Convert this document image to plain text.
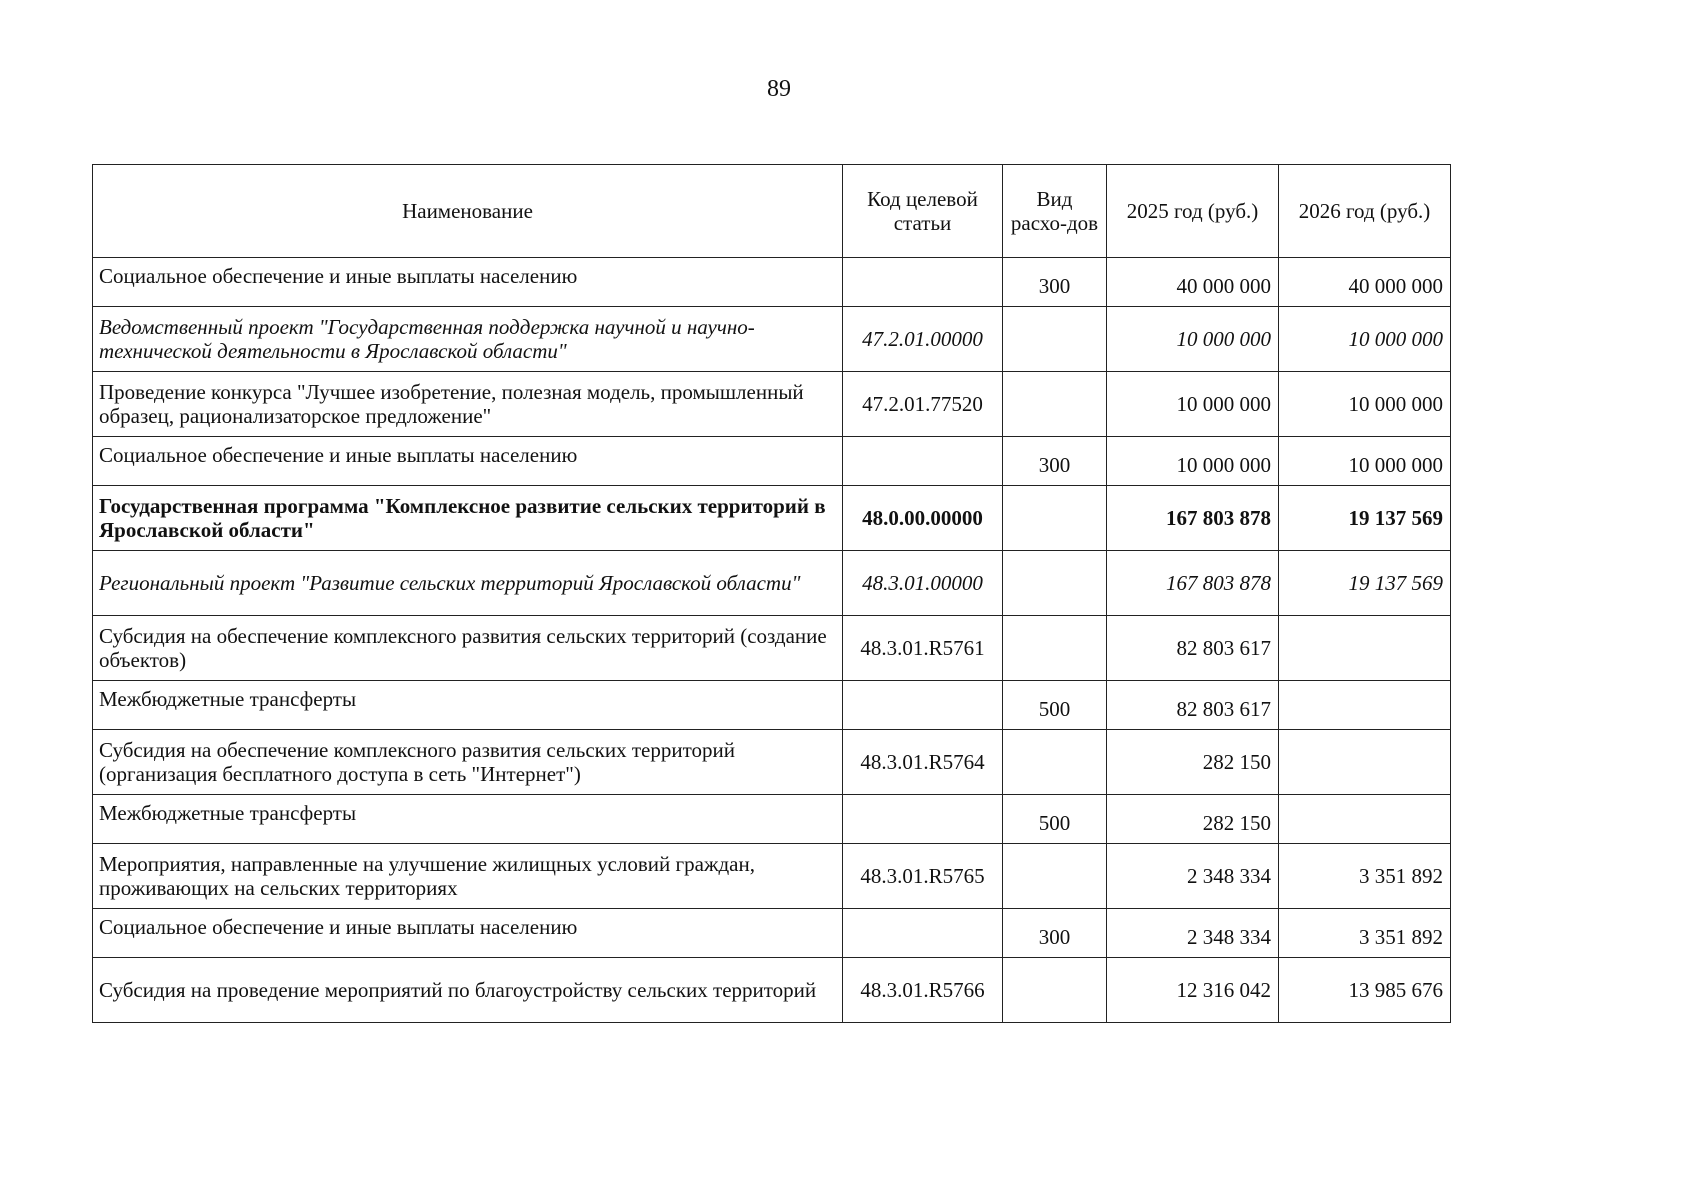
89
Наименование	Код целевой статьи	Вид расхо-дов	2025 год (руб.)	2026 год (руб.)
Социальное обеспечение и иные выплаты населению		300	40 000 000	40 000 000
Ведомственный проект "Государственная поддержка научной и научно-технической деятельности в Ярославской области"	47.2.01.00000		10 000 000	10 000 000
Проведение конкурса "Лучшее изобретение, полезная модель, промышленный образец, рационализаторское предложение"	47.2.01.77520		10 000 000	10 000 000
Социальное обеспечение и иные выплаты населению		300	10 000 000	10 000 000
Государственная программа "Комплексное развитие сельских территорий в Ярославской области"	48.0.00.00000		167 803 878	19 137 569
Региональный проект "Развитие сельских территорий Ярославской области"	48.3.01.00000		167 803 878	19 137 569
Субсидия на обеспечение комплексного развития сельских территорий (создание объектов)	48.3.01.R5761		82 803 617	
Межбюджетные трансферты		500	82 803 617	
Субсидия на обеспечение комплексного развития сельских территорий (организация бесплатного доступа в сеть "Интернет")	48.3.01.R5764		282 150	
Межбюджетные трансферты		500	282 150	
Мероприятия, направленные на улучшение жилищных условий граждан, проживающих на сельских территориях	48.3.01.R5765		2 348 334	3 351 892
Социальное обеспечение и иные выплаты населению		300	2 348 334	3 351 892
Субсидия на проведение мероприятий по благоустройству сельских территорий	48.3.01.R5766		12 316 042	13 985 676
